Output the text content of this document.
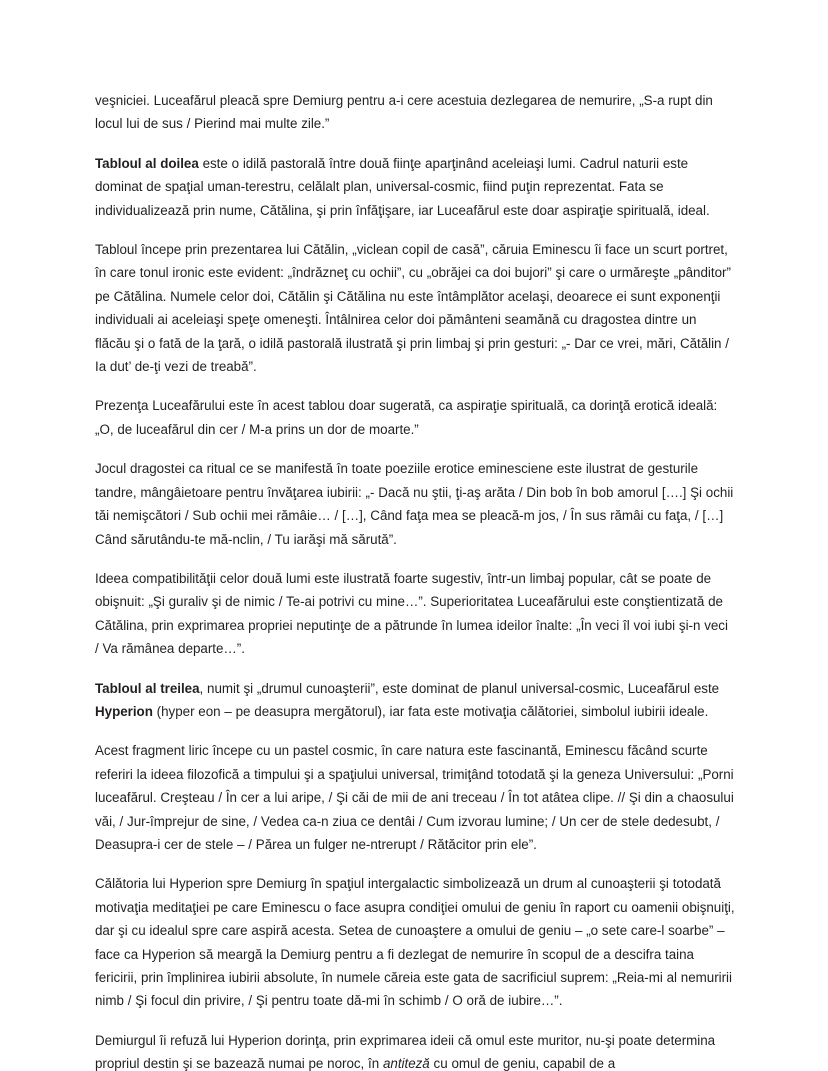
veşniciei. Luceafărul pleacă spre Demiurg pentru a-i cere acestuia dezlegarea de nemurire, „S-a rupt din locul lui de sus / Pierind mai multe zile.”

Tabloul al doilea este o idilă pastorală între două fiinţe aparţinând aceleiaşi lumi. Cadrul naturii este dominat de spaţial uman-terestru, celălalt plan, universal-cosmic, fiind puţin reprezentat. Fata se individualizează prin nume, Cătălina, şi prin înfăţişare, iar Luceafărul este doar aspiraţie spirituală, ideal.

Tabloul începe prin prezentarea lui Cătălin, „viclean copil de casă”, căruia Eminescu îi face un scurt portret, în care tonul ironic este evident: „îndrăzneţ cu ochii”, cu „obrăjei ca doi bujori” şi care o urmăreşte „pânditor” pe Cătălina. Numele celor doi, Cătălin şi Cătălina nu este întâmplător acelaşi, deoarece ei sunt exponenţii individuali ai aceleiaşi speţe omeneşti. Întâlnirea celor doi pământeni seamănă cu dragostea dintre un flăcău şi o fată de la ţară, o idilă pastorală ilustrată şi prin limbaj şi prin gesturi: „- Dar ce vrei, mări, Cătălin / Ia dut’ de-ţi vezi de treabă”.

Prezenţa Luceafărului este în acest tablou doar sugerată, ca aspiraţie spirituală, ca dorinţă erotică ideală: „O, de luceafărul din cer / M-a prins un dor de moarte.”

Jocul dragostei ca ritual ce se manifestă în toate poeziile erotice eminesciene este ilustrat de gesturile tandre, mângâietoare pentru învăţarea iubirii: „- Dacă nu ştii, ţi-aş arăta / Din bob în bob amorul [….] Şi ochii tăi nemişcători / Sub ochii mei rămâie… / […], Când faţa mea se pleacă-m jos, / În sus rămâi cu faţa, / […] Când sărutându-te mă-nclin, / Tu iarăşi mă sărută”.

Ideea compatibilităţii celor două lumi este ilustrată foarte sugestiv, într-un limbaj popular, cât se poate de obişnuit: „Şi guraliv şi de nimic / Te-ai potrivi cu mine…”. Superioritatea Luceafărului este conştientizată de Cătălina, prin exprimarea propriei neputinţe de a pătrunde în lumea ideilor înalte: „În veci îl voi iubi şi-n veci / Va rămânea departe…”.

Tabloul al treilea, numit şi „drumul cunoaşterii”, este dominat de planul universal-cosmic, Luceafărul este Hyperion (hyper eon – pe deasupra mergătorul), iar fata este motivaţia călătoriei, simbolul iubirii ideale.

Acest fragment liric începe cu un pastel cosmic, în care natura este fascinantă, Eminescu făcând scurte referiri la ideea filozofică a timpului şi a spaţiului universal, trimiţând totodată şi la geneza Universului: „Porni luceafărul. Creşteau / În cer a lui aripe, / Şi căi de mii de ani treceau / În tot atâtea clipe. // Şi din a chaosului văi, / Jur-împrejur de sine, / Vedea ca-n ziua ce dentâi / Cum izvorau lumine; / Un cer de stele dedesubt, / Deasupra-i cer de stele – / Părea un fulger ne-ntrerupt / Rătăcitor prin ele”.

Călătoria lui Hyperion spre Demiurg în spaţiul intergalactic simbolizează un drum al cunoaşterii şi totodată motivaţia meditaţiei pe care Eminescu o face asupra condiţiei omului de geniu în raport cu oamenii obişnuiţi, dar şi cu idealul spre care aspiră acesta. Setea de cunoaştere a omului de geniu – „o sete care-l soarbe” – face ca Hyperion să meargă la Demiurg pentru a fi dezlegat de nemurire în scopul de a descifra taina fericirii, prin împlinirea iubirii absolute, în numele căreia este gata de sacrificiul suprem: „Reia-mi al nemuririi nimb / Şi focul din privire, / Şi pentru toate dă-mi în schimb / O oră de iubire…”.

Demiurgul îi refuză lui Hyperion dorinţa, prin exprimarea ideii că omul este muritor, nu-şi poate determina propriul destin şi se bazează numai pe noroc, în antiteză cu omul de geniu, capabil de a
